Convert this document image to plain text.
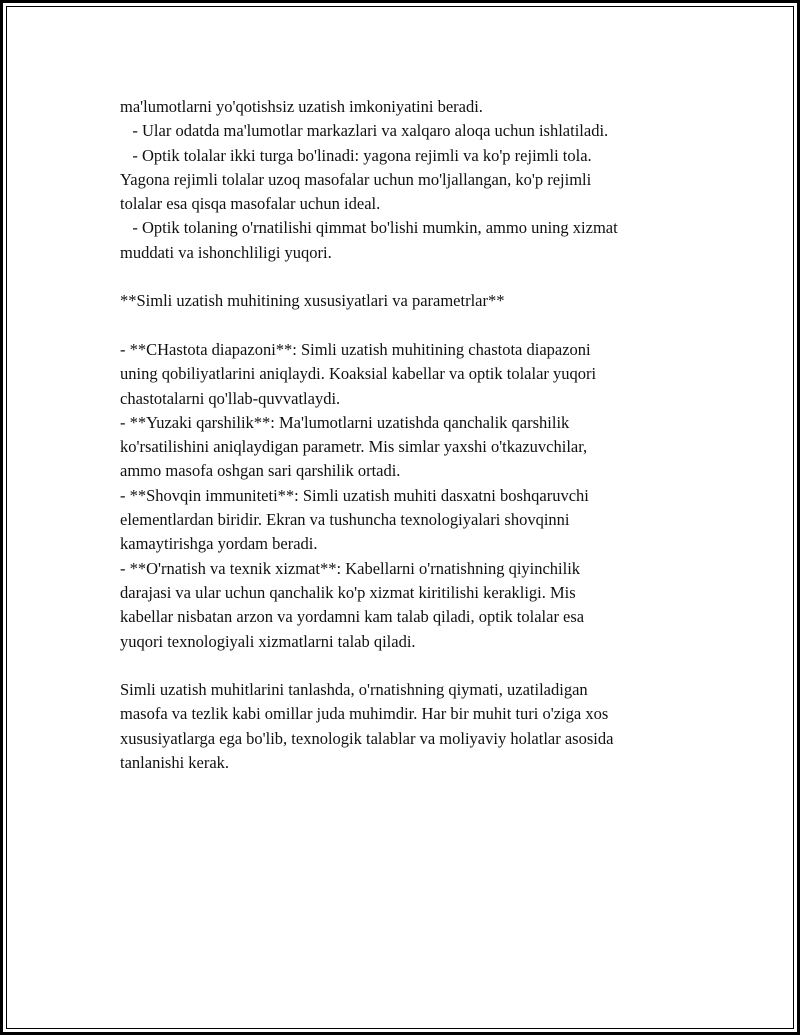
ma'lumotlarni yo'qotishsiz uzatish imkoniyatini beradi.
- Ular odatda ma'lumotlar markazlari va xalqaro aloqa uchun ishlatiladi.
- Optik tolalar ikki turga bo'linadi: yagona rejimli va ko'p rejimli tola.
Yagona rejimli tolalar uzoq masofalar uchun mo'ljallangan, ko'p rejimli
tolalar esa qisqa masofalar uchun ideal.
- Optik tolaning o'rnatilishi qimmat bo'lishi mumkin, ammo uning xizmat
muddati va ishonchliligi yuqori.
**Simli uzatish muhitining xususiyatlari va parametrlar**
- **CHastota diapazoni**: Simli uzatish muhitining chastota diapazoni
uning qobiliyatlarini aniqlaydi. Koaksial kabellar va optik tolalar yuqori
chastotalarni qo'llab-quvvatlaydi.
- **Yuzaki qarshilik**: Ma'lumotlarni uzatishda qanchalik qarshilik
ko'rsatilishini aniqlaydigan parametr. Mis simlar yaxshi o'tkazuvchilar,
ammo masofa oshgan sari qarshilik ortadi.
- **Shovqin immuniteti**: Simli uzatish muhiti dasxatni boshqaruvchi
elementlardan biridir. Ekran va tushuncha texnologiyalari shovqinni
kamaytirishga yordam beradi.
- **O'rnatish va texnik xizmat**: Kabellarni o'rnatishning qiyinchilik
darajasi va ular uchun qanchalik ko'p xizmat kiritilishi kerakligi. Mis
kabellar nisbatan arzon va yordamni kam talab qiladi, optik tolalar esa
yuqori texnologiyali xizmatlarni talab qiladi.
Simli uzatish muhitlarini tanlashda, o'rnatishning qiymati, uzatiladigan
masofa va tezlik kabi omillar juda muhimdir. Har bir muhit turi o'ziga xos
xususiyatlarga ega bo'lib, texnologik talablar va moliyaviy holatlar asosida
tanlanishi kerak.
